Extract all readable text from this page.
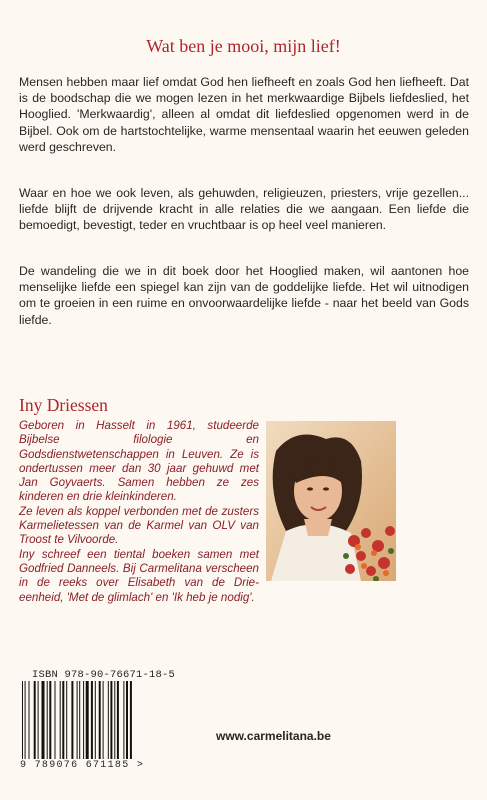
Wat ben je mooi, mijn lief!

Mensen hebben maar lief omdat God hen liefheeft en zoals God hen liefheeft. Dat is de boodschap die we mogen lezen in het merkwaardige Bijbels liefdeslied, het Hooglied. 'Merkwaardig', alleen al omdat dit liefdeslied opgenomen werd in de Bijbel. Ook om de hartstochtelijke, warme mensentaal waarin het eeuwen geleden werd geschreven.

Waar en hoe we ook leven, als gehuwden, religieuzen, priesters, vrije gezellen... liefde blijft de drijvende kracht in alle relaties die we aangaan. Een liefde die bemoedigt, bevestigt, teder en vruchtbaar is op heel veel manieren.

De wandeling die we in dit boek door het Hooglied maken, wil aantonen hoe menselijke liefde een spiegel kan zijn van de goddelijke liefde. Het wil uitnodigen om te groeien in een ruime en onvoorwaardelijke liefde - naar het beeld van Gods liefde.

Iny Driessen

Geboren in Hasselt in 1961, studeerde Bijbelse filologie en Godsdienstwetenschappen in Leuven. Ze is ondertussen meer dan 30 jaar gehuwd met Jan Goyvaerts. Samen hebben ze zes kinderen en drie kleinkinderen.

Ze leven als koppel verbonden met de zusters Karmelietessen van de Karmel van OLV van Troost te Vilvoorde.

Iny schreef een tiental boeken samen met Godfried Danneels. Bij Carmelitana verscheen in de reeks over Elisabeth van de Drie-eenheid, 'Met de glimlach' en 'Ik heb je nodig'.

ISBN 978-90-76671-18-5
9 789076 671185 >
www.carmelitana.be
